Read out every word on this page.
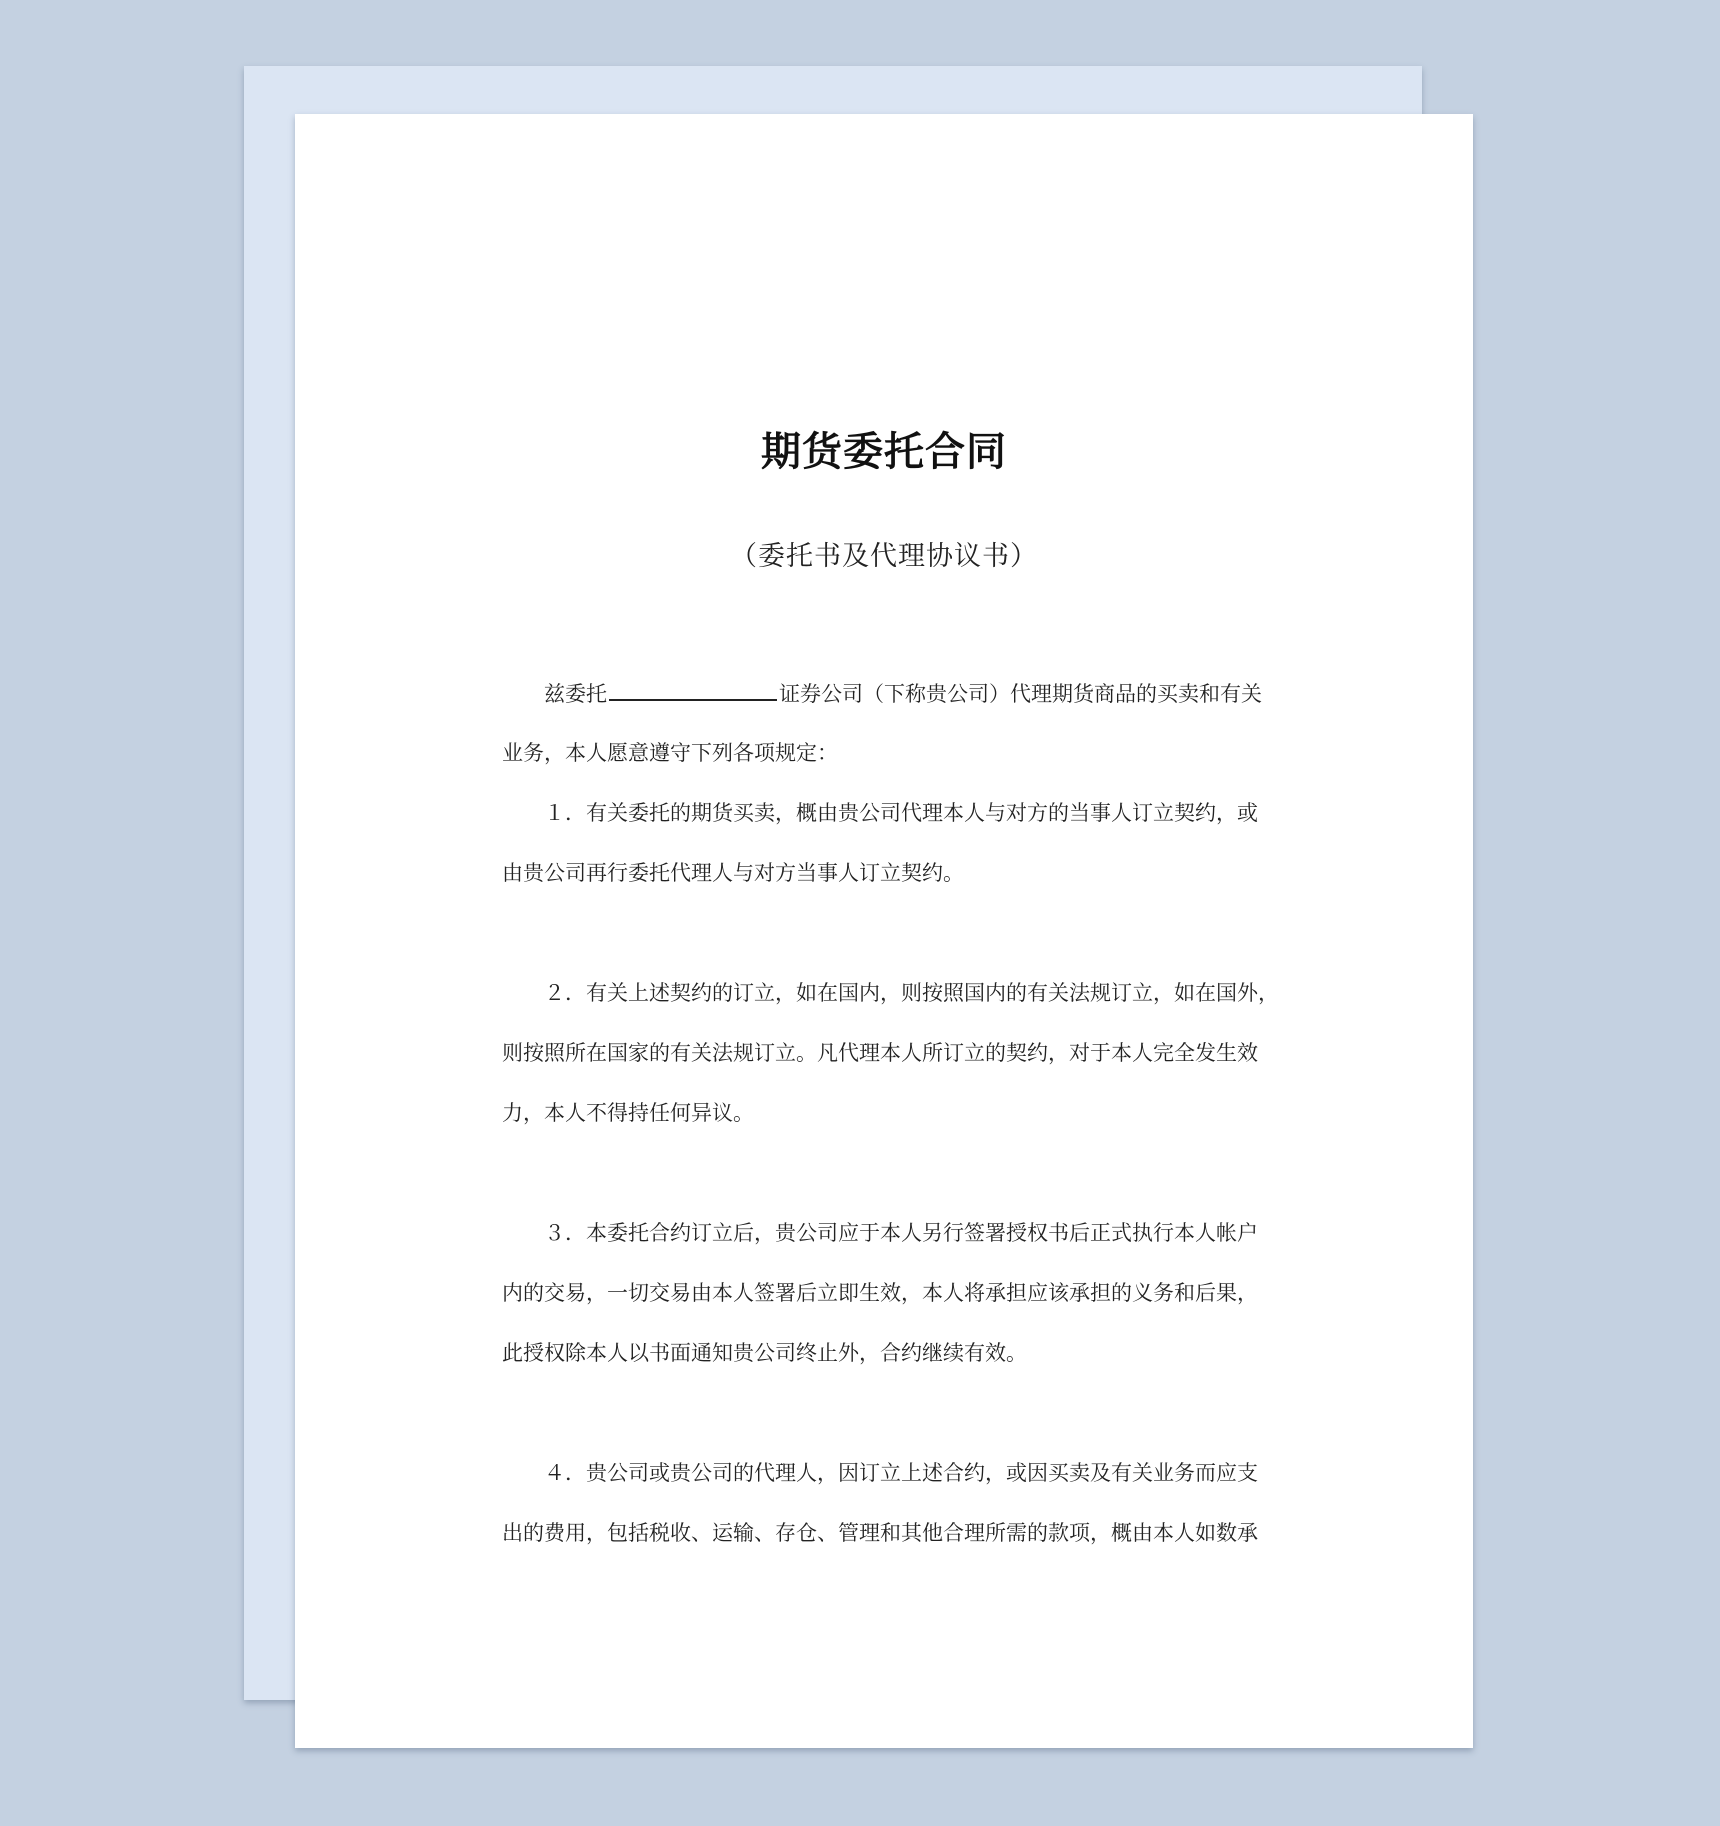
期货委托合同
（委托书及代理协议书）
兹委托	证券公司（下称贵公司）代理期货商品的买卖和有关
业务，本人愿意遵守下列各项规定：
１．有关委托的期货买卖，概由贵公司代理本人与对方的当事人订立契约，或
由贵公司再行委托代理人与对方当事人订立契约。
２．有关上述契约的订立，如在国内，则按照国内的有关法规订立，如在国外，
则按照所在国家的有关法规订立。凡代理本人所订立的契约，对于本人完全发生效
力，本人不得持任何异议。
３．本委托合约订立后，贵公司应于本人另行签署授权书后正式执行本人帐户
内的交易，一切交易由本人签署后立即生效，本人将承担应该承担的义务和后果，
此授权除本人以书面通知贵公司终止外，合约继续有效。
４．贵公司或贵公司的代理人，因订立上述合约，或因买卖及有关业务而应支
出的费用，包括税收、运输、存仓、管理和其他合理所需的款项，概由本人如数承
